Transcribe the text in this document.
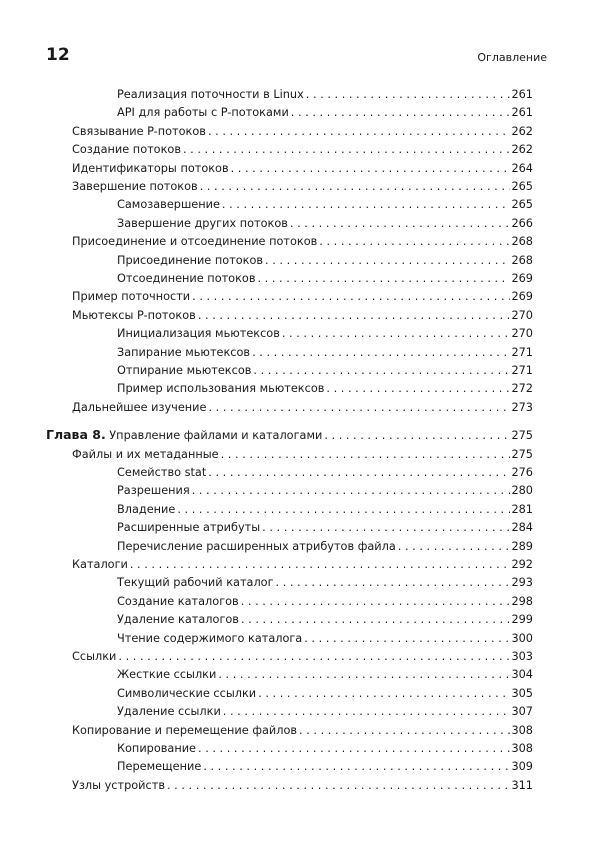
12	Оглавление
Реализация поточности в Linux . . .	261
API для работы с P-потоками . . .	261
Связывание P-потоков . . .	262
Создание потоков . . .	262
Идентификаторы потоков . . .	264
Завершение потоков . . .	265
Самозавершение . . .	265
Завершение других потоков . . .	266
Присоединение и отсоединение потоков . . .	268
Присоединение потоков . . .	268
Отсоединение потоков . . .	269
Пример поточности . . .	269
Мьютексы P-потоков . . .	270
Инициализация мьютексов . . .	270
Запирание мьютексов . . .	271
Отпирание мьютексов . . .	271
Пример использования мьютексов . . .	272
Дальнейшее изучение . . .	273
Глава 8. Управление файлами и каталогами . . .	275
Файлы и их метаданные . . .	275
Семейство stat . . .	276
Разрешения . . .	280
Владение . . .	281
Расширенные атрибуты . . .	284
Перечисление расширенных атрибутов файла . . .	289
Каталоги . . .	292
Текущий рабочий каталог . . .	293
Создание каталогов . . .	298
Удаление каталогов . . .	299
Чтение содержимого каталога . . .	300
Ссылки . . .	303
Жесткие ссылки . . .	304
Символические ссылки . . .	305
Удаление ссылки . . .	307
Копирование и перемещение файлов . . .	308
Копирование . . .	308
Перемещение . . .	309
Узлы устройств . . .	311
